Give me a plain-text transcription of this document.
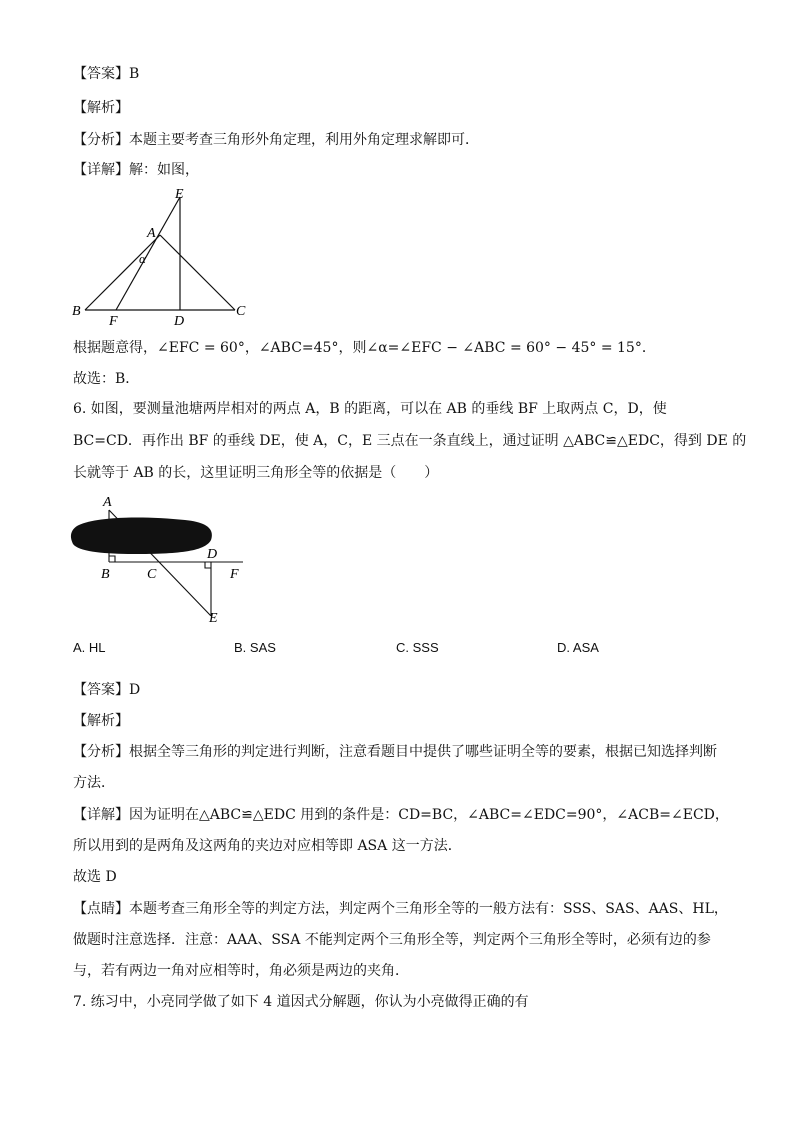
【答案】B
【解析】
【分析】本题主要考查三角形外角定理，利用外角定理求解即可．
【详解】解：如图，
E
A
α
B
F	D
C
根据题意得，∠EFC = 60°，∠ABC=45°，则∠α=∠EFC − ∠ABC = 60° − 45° = 15°．
故选：B．
6. 如图，要测量池塘两岸相对的两点 A，B 的距离，可以在 AB 的垂线 BF 上取两点 C，D，使
BC=CD．再作出 BF 的垂线 DE，使 A，C，E 三点在一条直线上，通过证明 △ABC≌△EDC，得到 DE 的
长就等于 AB 的长，这里证明三角形全等的依据是（　　）
A
B	C
D
F
E
A. HL	B. SAS	C. SSS	D. ASA
【答案】D
【解析】
【分析】根据全等三角形的判定进行判断，注意看题目中提供了哪些证明全等的要素，根据已知选择判断
方法．
【详解】因为证明在△ABC≌△EDC 用到的条件是：CD=BC，∠ABC=∠EDC=90°，∠ACB=∠ECD，
所以用到的是两角及这两角的夹边对应相等即 ASA 这一方法．
故选 D
【点睛】本题考查三角形全等的判定方法，判定两个三角形全等的一般方法有：SSS、SAS、AAS、HL，
做题时注意选择．注意：AAA、SSA 不能判定两个三角形全等，判定两个三角形全等时，必须有边的参
与，若有两边一角对应相等时，角必须是两边的夹角．
7. 练习中，小亮同学做了如下 4 道因式分解题，你认为小亮做得正确的有
